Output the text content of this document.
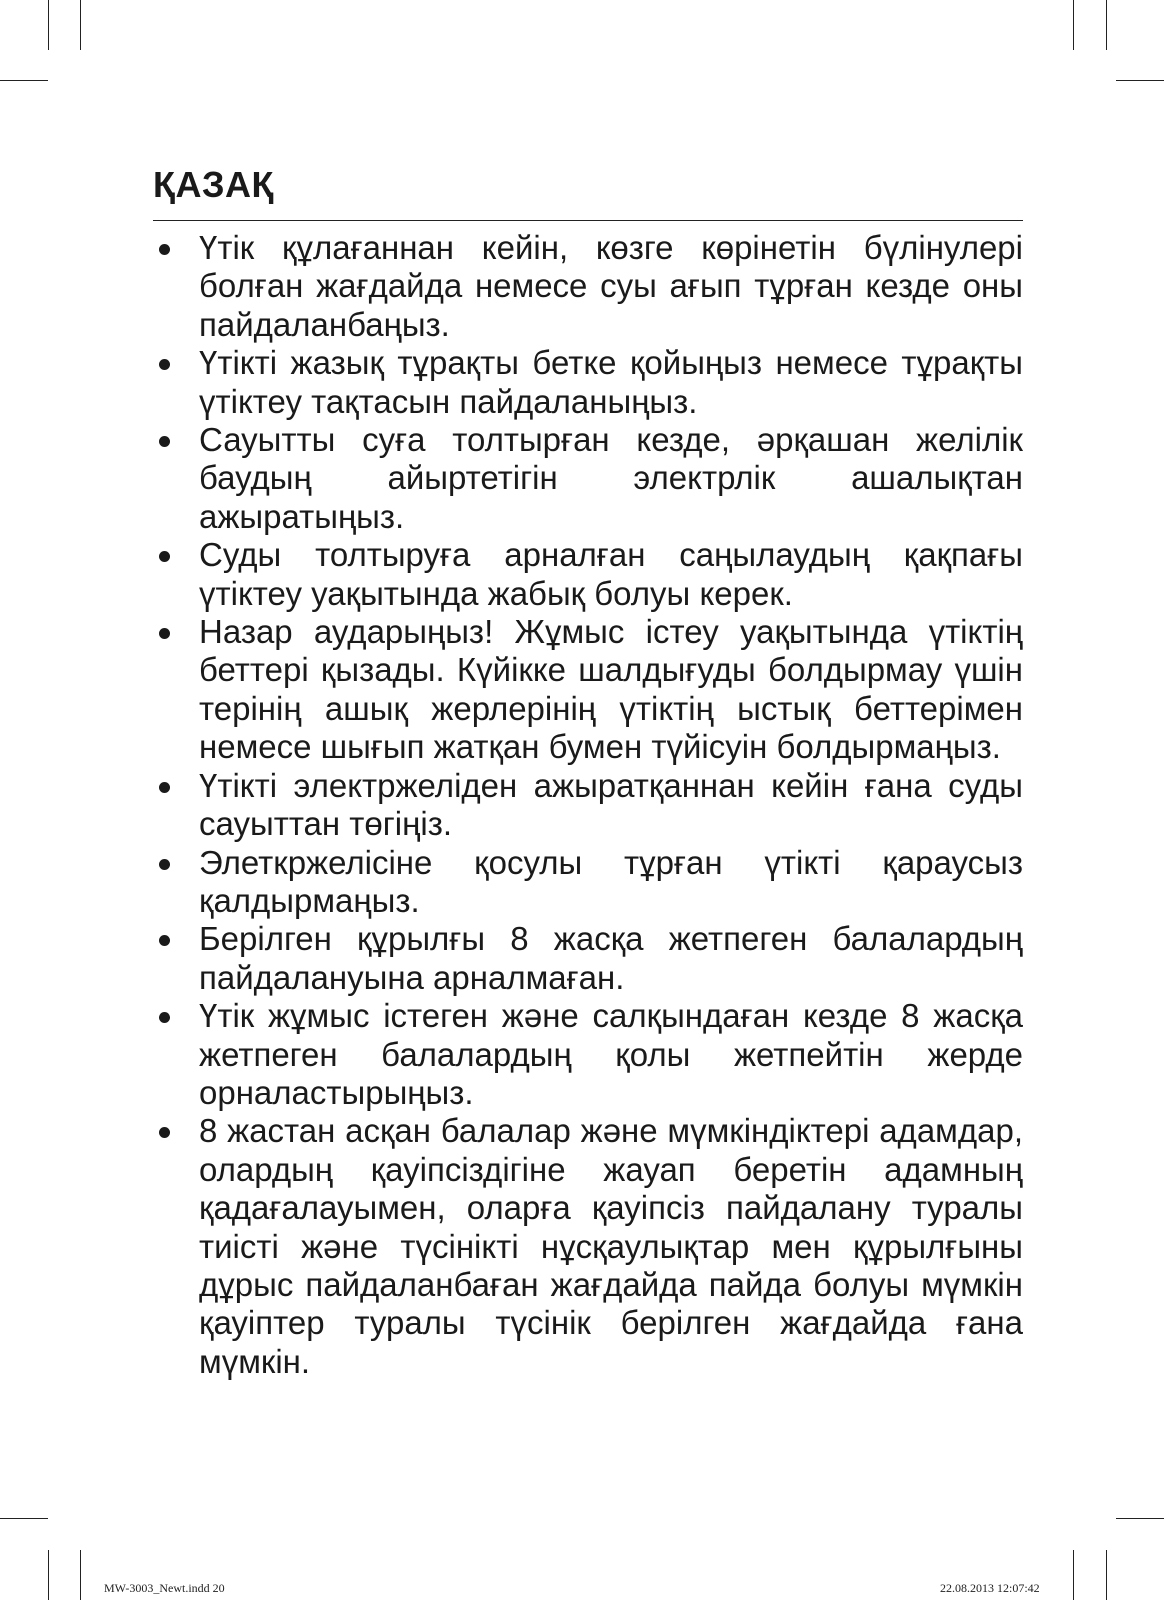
ҚАЗАҚ
Үтік құлағаннан кейін, көзге көрінетін бүлінулері болған жағдайда немесе суы ағып тұрған кезде оны пайдаланбаңыз.
Үтікті жазық тұрақты бетке қойыңыз немесе тұрақты үтіктеу тақтасын пайдаланыңыз.
Сауытты суға толтырған кезде, әрқашан желілік баудың айыртетігін электрлік ашалықтан ажыратыңыз.
Суды толтыруға арналған саңылаудың қақпағы үтіктеу уақытында жабық болуы керек.
Назар аударыңыз! Жұмыс істеу уақытында үтіктің беттері қызады. Күйікке шалдығуды болдырмау үшін терінің ашық жерлерінің үтіктің ыстық беттерімен немесе шығып жатқан бумен түйісуін болдырмаңыз.
Үтікті электржеліден ажыратқаннан кейін ғана суды сауыттан төгіңіз.
Элеткржелісіне қосулы тұрған үтікті қараусыз қалдырмаңыз.
Берілген құрылғы 8 жасқа жетпеген балалардың пайдалануына арналмаған.
Үтік жұмыс істеген және салқындаған кезде 8 жасқа жетпеген балалардың қолы жетпейтін жерде орналастырыңыз.
8 жастан асқан балалар және мүмкіндіктері адамдар, олардың қауіпсіздігіне жауап беретін адамның қадағалауымен, оларға қауіпсіз пайдалану туралы тиісті және түсінікті нұсқаулықтар мен құрылғыны дұрыс пайдаланбаған жағдайда пайда болуы мүмкін қауіптер туралы түсінік берілген жағдайда ғана мүмкін.
MW-3003_Newt.indd 20	22.08.2013 12:07:42
